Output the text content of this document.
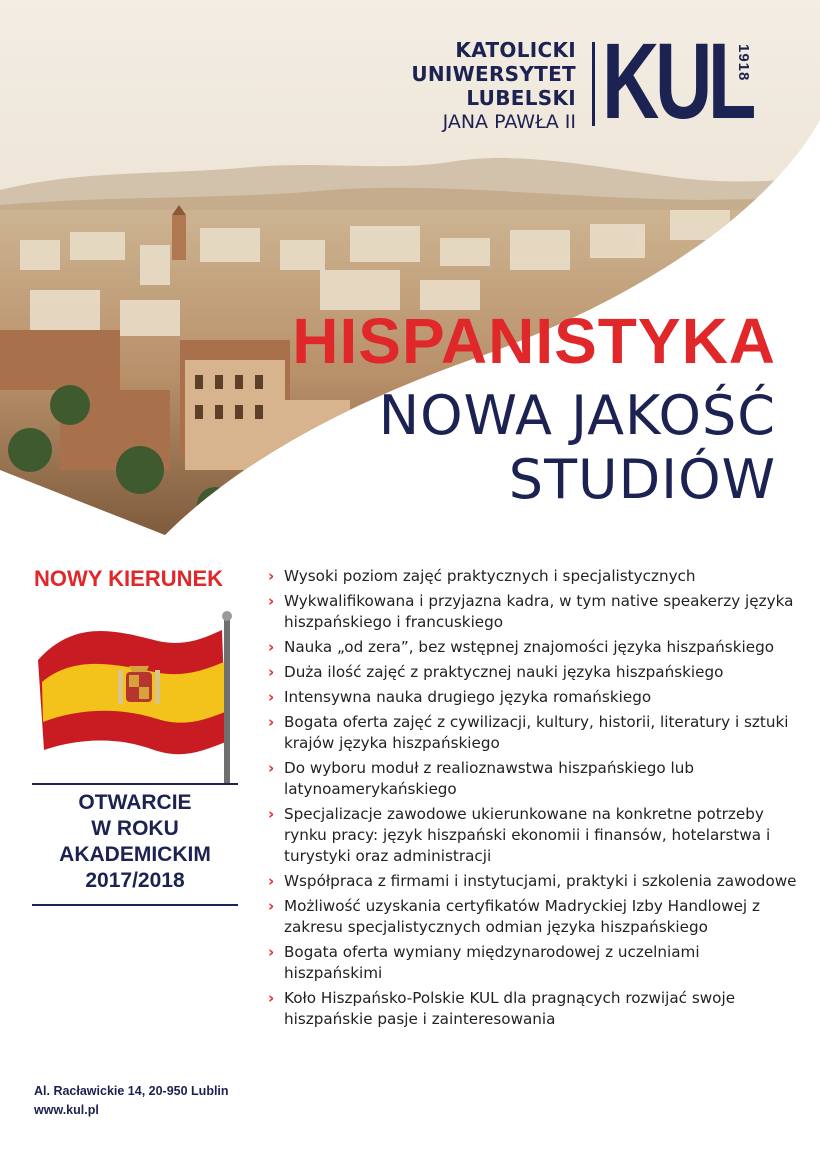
KATOLICKI
UNIWERSYTET
LUBELSKI
JANA PAWŁA II KUL
1918
HISPANISTYKA
NOWA JAKOŚĆ
STUDIÓW
NOWY KIERUNEK
OTWARCIE
W ROKU
AKADEMICKIM
2017/2018
Al. Racławickie 14, 20-950 Lublin
www.kul.pl
› Wysoki poziom zajęć praktycznych i specjalistycznych
› Wykwalifikowana i przyjazna kadra, w tym native speakerzy języka hiszpańskiego i francuskiego
› Nauka „od zera”, bez wstępnej znajomości języka hiszpańskiego
› Duża ilość zajęć z praktycznej nauki języka hiszpańskiego
› Intensywna nauka drugiego języka romańskiego
› Bogata oferta zajęć z cywilizacji, kultury, historii, literatury i sztuki krajów języka hiszpańskiego
› Do wyboru moduł z realioznawstwa hiszpańskiego lub latynoamerykańskiego
› Specjalizacje zawodowe ukierunkowane na konkretne potrzeby rynku pracy: język hiszpański ekonomii i finansów, hotelarstwa i turystyki oraz administracji
› Współpraca z firmami i instytucjami, praktyki i szkolenia zawodowe
› Możliwość uzyskania certyfikatów Madryckiej Izby Handlowej z zakresu specjalistycznych odmian języka hiszpańskiego
› Bogata oferta wymiany międzynarodowej z uczelniami hiszpańskimi
› Koło Hiszpańsko-Polskie KUL dla pragnących rozwijać swoje hiszpańskie pasje i zainteresowania
